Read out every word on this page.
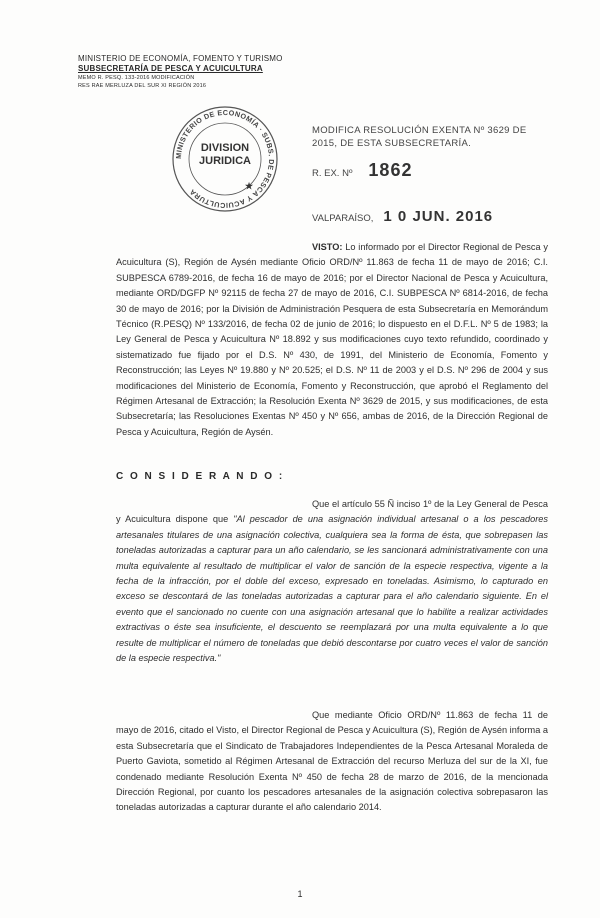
MINISTERIO DE ECONOMÍA, FOMENTO Y TURISMO
SUBSECRETARÍA DE PESCA Y ACUICULTURA
MEMO R. PESQ. 133-2016 MODIFICACIÓN
RES RAE MERLUZA DEL SUR XI REGIÓN 2016
MINISTERIO DE ECONOMÍA · SUBS. DE PESCA Y ACUICULTURA
DIVISION
JURIDICA
★
MODIFICA RESOLUCIÓN EXENTA Nº 3629 DE 2015, DE ESTA SUBSECRETARÍA.
R. EX. Nº 1862
VALPARAÍSO, 1 0 JUN. 2016
VISTO: Lo informado por el Director Regional de Pesca y Acuicultura (S), Región de Aysén mediante Oficio ORD/Nº 11.863 de fecha 11 de mayo de 2016; C.I. SUBPESCA 6789-2016, de fecha 16 de mayo de 2016; por el Director Nacional de Pesca y Acuicultura, mediante ORD/DGFP Nº 92115 de fecha 27 de mayo de 2016, C.I. SUBPESCA Nº 6814-2016, de fecha 30 de mayo de 2016; por la División de Administración Pesquera de esta Subsecretaría en Memorándum Técnico (R.PESQ) Nº 133/2016, de fecha 02 de junio de 2016; lo dispuesto en el D.F.L. Nº 5 de 1983; la Ley General de Pesca y Acuicultura Nº 18.892 y sus modificaciones cuyo texto refundido, coordinado y sistematizado fue fijado por el D.S. Nº 430, de 1991, del Ministerio de Economía, Fomento y Reconstrucción; las Leyes Nº 19.880 y Nº 20.525; el D.S. Nº 11 de 2003 y el D.S. Nº 296 de 2004 y sus modificaciones del Ministerio de Economía, Fomento y Reconstrucción, que aprobó el Reglamento del Régimen Artesanal de Extracción; la Resolución Exenta Nº 3629 de 2015, y sus modificaciones, de esta Subsecretaría; las Resoluciones Exentas Nº 450 y Nº 656, ambas de 2016, de la Dirección Regional de Pesca y Acuicultura, Región de Aysén.
C O N S I D E R A N D O :
Que el artículo 55 Ñ inciso 1º de la Ley General de Pesca y Acuicultura dispone que "Al pescador de una asignación individual artesanal o a los pescadores artesanales titulares de una asignación colectiva, cualquiera sea la forma de ésta, que sobrepasen las toneladas autorizadas a capturar para un año calendario, se les sancionará administrativamente con una multa equivalente al resultado de multiplicar el valor de sanción de la especie respectiva, vigente a la fecha de la infracción, por el doble del exceso, expresado en toneladas. Asimismo, lo capturado en exceso se descontará de las toneladas autorizadas a capturar para el año calendario siguiente. En el evento que el sancionado no cuente con una asignación artesanal que lo habilite a realizar actividades extractivas o éste sea insuficiente, el descuento se reemplazará por una multa equivalente a lo que resulte de multiplicar el número de toneladas que debió descontarse por cuatro veces el valor de sanción de la especie respectiva."
Que mediante Oficio ORD/Nº 11.863 de fecha 11 de mayo de 2016, citado el Visto, el Director Regional de Pesca y Acuicultura (S), Región de Aysén informa a esta Subsecretaría que el Sindicato de Trabajadores Independientes de la Pesca Artesanal Moraleda de Puerto Gaviota, sometido al Régimen Artesanal de Extracción del recurso Merluza del sur de la XI, fue condenado mediante Resolución Exenta Nº 450 de fecha 28 de marzo de 2016, de la mencionada Dirección Regional, por cuanto los pescadores artesanales de la asignación colectiva sobrepasaron las toneladas autorizadas a capturar durante el año calendario 2014.
1
